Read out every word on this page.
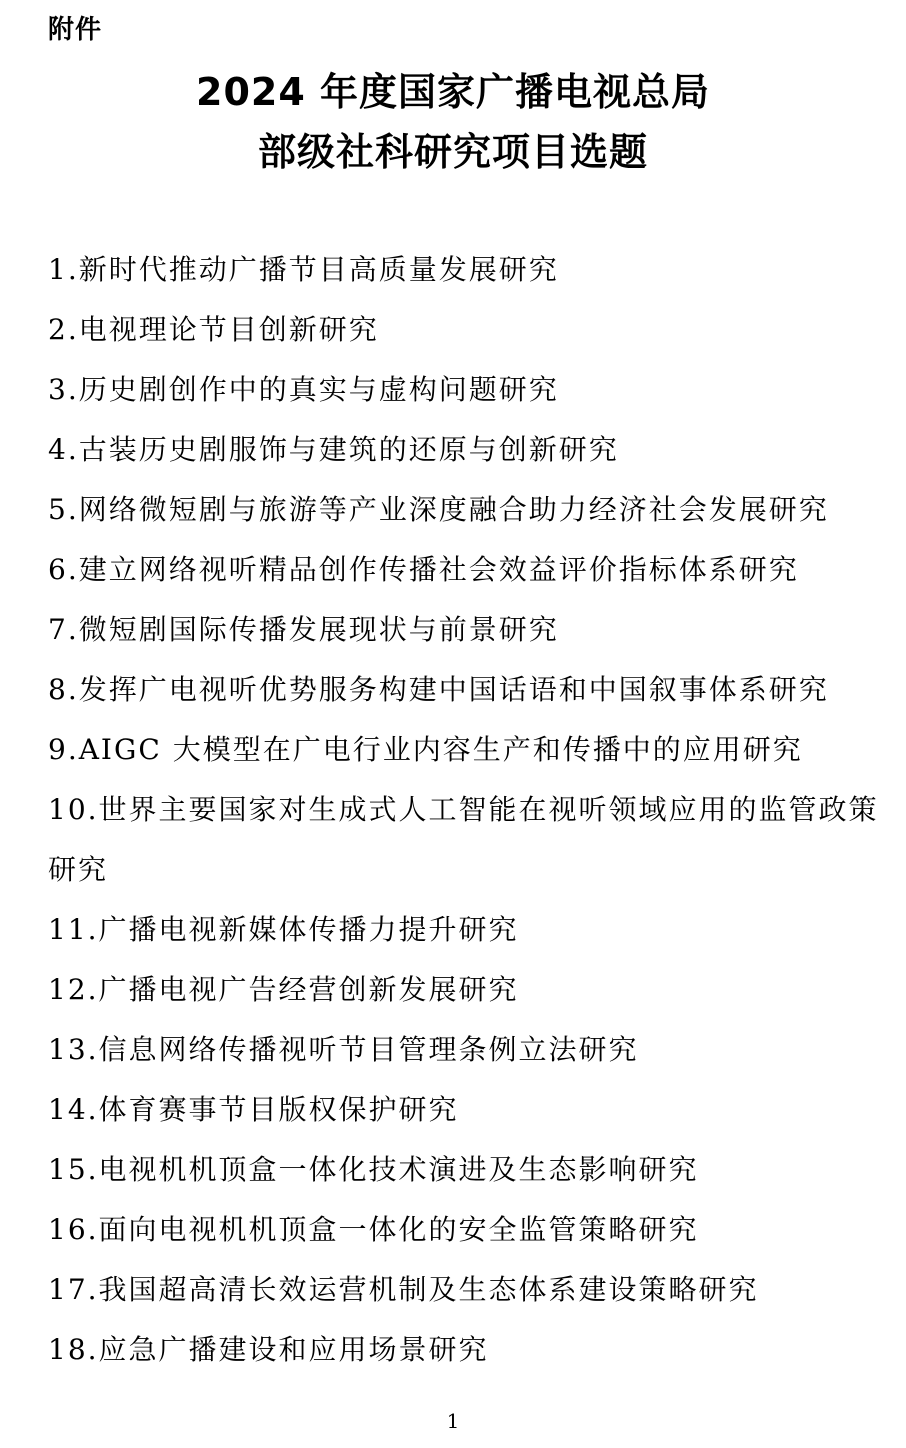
附件
2024 年度国家广播电视总局
部级社科研究项目选题
1.新时代推动广播节目高质量发展研究
2.电视理论节目创新研究
3.历史剧创作中的真实与虚构问题研究
4.古装历史剧服饰与建筑的还原与创新研究
5.网络微短剧与旅游等产业深度融合助力经济社会发展研究
6.建立网络视听精品创作传播社会效益评价指标体系研究
7.微短剧国际传播发展现状与前景研究
8.发挥广电视听优势服务构建中国话语和中国叙事体系研究
9.AIGC 大模型在广电行业内容生产和传播中的应用研究
10.世界主要国家对生成式人工智能在视听领域应用的监管政策研究
11.广播电视新媒体传播力提升研究
12.广播电视广告经营创新发展研究
13.信息网络传播视听节目管理条例立法研究
14.体育赛事节目版权保护研究
15.电视机机顶盒一体化技术演进及生态影响研究
16.面向电视机机顶盒一体化的安全监管策略研究
17.我国超高清长效运营机制及生态体系建设策略研究
18.应急广播建设和应用场景研究
1
